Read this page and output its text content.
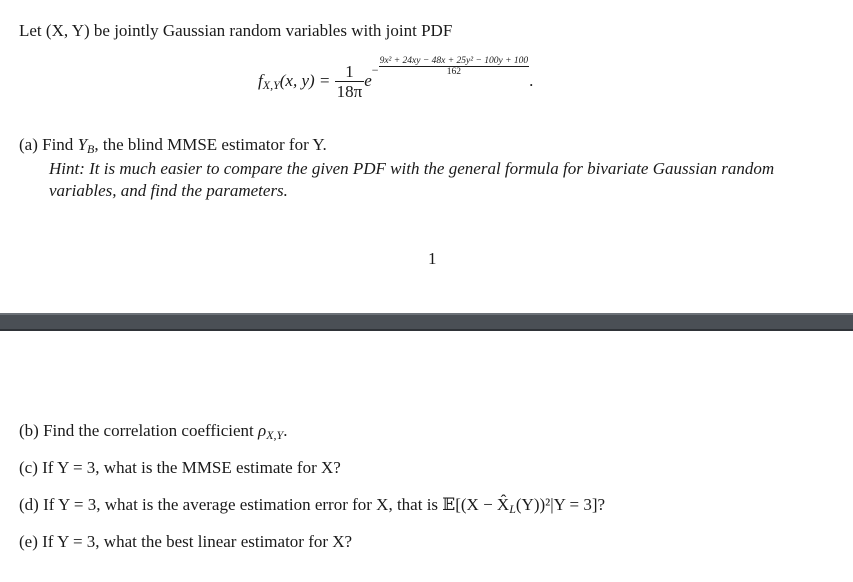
Let (X, Y) be jointly Gaussian random variables with joint PDF
$f_{X,Y}(x$, $y) = \frac{1}{18\pi} e- \frac{\text{9x² + 24xy − 48x + 25y² − 100y + 100}}{162}$
.
(a) Find $Y_B$, the blind MMSE estimator for Y.
Hint: It is much easier to compare the given PDF with the general formula for bivariate Gaussian random
variables, and find the parameters.
1
(b) Find the correlation coefficient $\rho_{X,Y}$.
(c) If Y = 3, what is the MMSE estimate for X?
(d) If Y = 3, what is the average estimation error for X, that is 𝔼[(X − $X̂_L(Y))^2|Y = 3$]?
(e) If Y = 3, what the best linear estimator for X?
